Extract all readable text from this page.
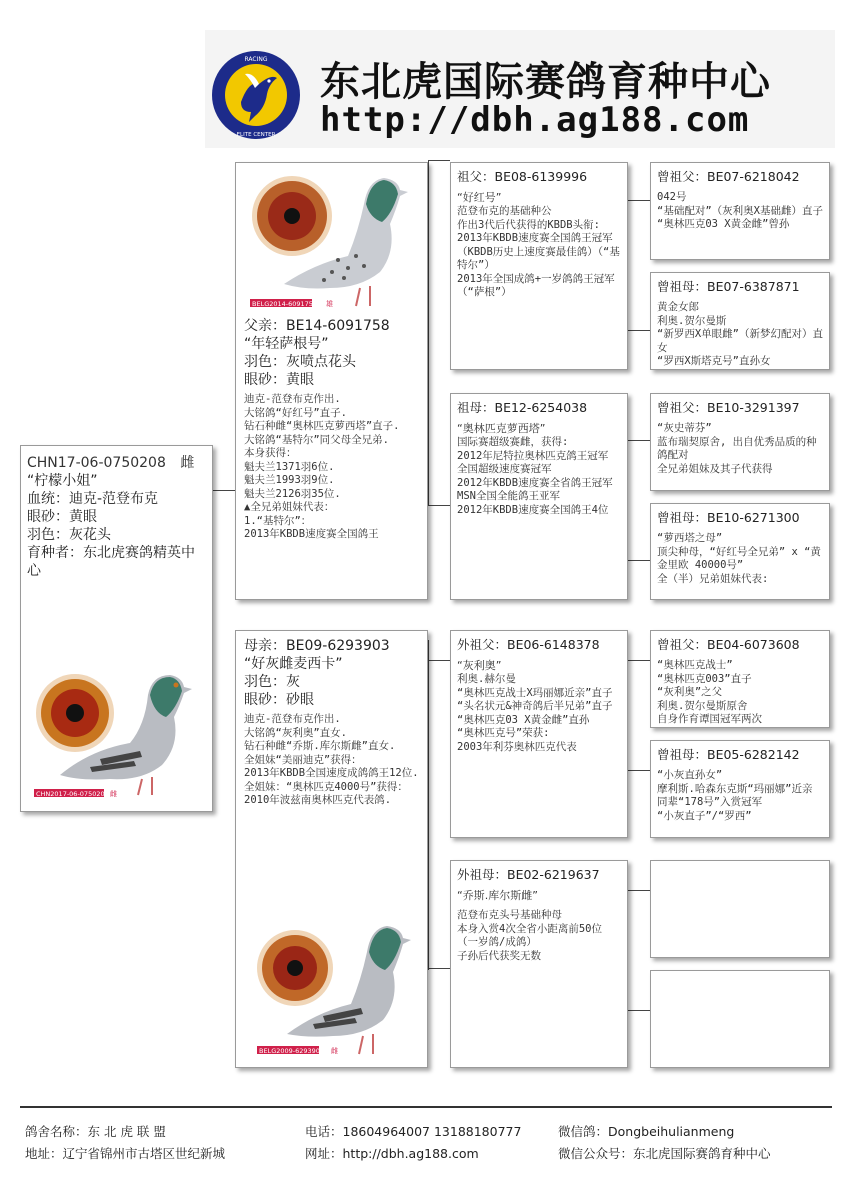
RACING
ELITE CENTER
东北虎国际赛鸽育种中心
http://dbh.ag188.com
CHN17-06-0750208 雌
“柠檬小姐”
血统：迪克-范登布克
眼砂：黄眼
羽色：灰花头
育种者：东北虎赛鸽精英中心
CHN2017-06-0750208 雌
父亲：BE14-6091758
“年轻萨根号”
羽色：灰喷点花头
眼砂：黄眼
迪克-范登布克作出.
大铭鸽“好红号”直子.
钻石种雌“奥林匹克萝西塔”直子.
大铭鸽“基特尔”同父母全兄弟.
本身获得：
魁夫兰1371羽6位.
魁夫兰1993羽9位.
魁夫兰2126羽35位.
▲全兄弟姐妹代表：
1.“基特尔”：
2013年KBDB速度赛全国鸽王
BELG2014-6091758 雄
母亲：BE09-6293903
“好灰雌麦西卡”
羽色：灰
眼砂：砂眼
迪克-范登布克作出.
大铭鸽“灰利奥”直女.
钻石种雌“乔斯.库尔斯雌”直女.
全姐妹“美丽迪克”获得：
2013年KBDB全国速度成鸽鸽王12位.
全姐妹：“奥林匹克4000号”获得：
2010年波兹南奥林匹克代表鸽.
BELG2009-6293903 雌
祖父：BE08-6139996
“好红号”
范登布克的基础种公
作出3代后代获得的KBDB头衔:
2013年KBDB速度赛全国鸽王冠军 （KBDB历史上速度赛最佳鸽）（“基特尔”）
2013年全国成鸽+一岁鸽鸽王冠军 （“萨根”）
祖母：BE12-6254038
“奥林匹克萝西塔”
国际赛超级赛雌，获得:
2012年尼特拉奥林匹克鸽王冠军
全国超级速度赛冠军
2012年KBDB速度赛全省鸽王冠军
MSN全国全能鸽王亚军
2012年KBDB速度赛全国鸽王4位
外祖父：BE06-6148378
“灰利奥”
利奥.赫尔曼
“奥林匹克战士X玛丽娜近亲”直子
“头名状元&神奇鸽后半兄弟”直子
“奥林匹克03 X黄金雌”直孙
“奥林匹克号”荣获:
2003年利芬奥林匹克代表
外祖母：BE02-6219637
“乔斯.库尔斯雌”
范登布克头号基础种母
本身入赏4次全省小距离前50位（一岁鸽/成鸽）
子孙后代获奖无数
曾祖父：BE07-6218042
042号
“基础配对”（灰利奥X基础雌）直子
“奥林匹克03 X黄金雌”曾孙
曾祖母：BE07-6387871
黄金女郎
利奥.贺尔曼斯
“新罗西X单眼雌”（新梦幻配对）直女
“罗西X斯塔克号”直孙女
曾祖父：BE10-3291397
“灰史蒂芬”
蓝布瑞契原舍, 出自优秀品质的种鸽配对
全兄弟姐妹及其子代获得
曾祖母：BE10-6271300
“萝西塔之母”
顶尖种母，“好红号全兄弟” x “黄金里欧 40000号”
全（半）兄弟姐妹代表:
曾祖父：BE04-6073608
“奥林匹克战士”
“奥林匹克003”直子
“灰利奥”之父
利奥.贺尔曼斯原舍
自身作育谭国冠军两次
曾祖母：BE05-6282142
“小灰直孙女”
摩利斯.哈森东克斯“玛丽娜”近亲
同辈“178号”入赏冠军
“小灰直子”/“罗西”
鸽舍名称：东 北 虎 联 盟	电话：18604964007 13188180777	微信鸽：Dongbeihulianmeng
地址：辽宁省锦州市古塔区世纪新城	网址：http://dbh.ag188.com	微信公众号：东北虎国际赛鸽育种中心
